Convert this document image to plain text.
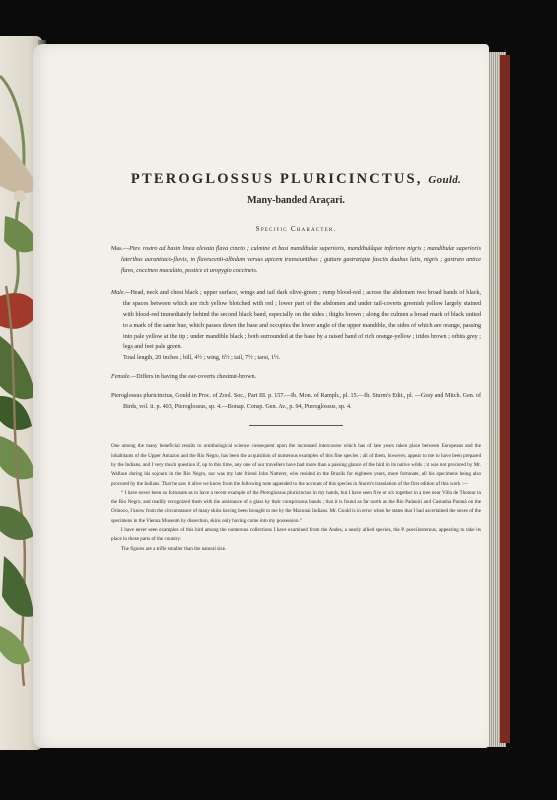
PTEROGLOSSUS PLURICINCTUS, Gould.
Many-banded Araçari.
Specific Character.

Mas.—Ptev. rostro ad basin linea elevata flava cincto ; culmine et basi mandibulæ superioris, mandibulâque inferiore nigris ; mandibulæ superioris lateribus aurantiaco-flavis, in flavescenti-albidum versus apicem transeuntibus ; gutture gastræique fasciis duabus latis, nigris ; gastræo antice flavo, coccineo maculato, postice et uropygio coccineis.

Male.—Head, neck and chest black ; upper surface, wings and tail dark olive-green ; rump blood-red ; across the abdomen two broad bands of black, the spaces between which are rich yellow blotched with red ; lower part of the abdomen and under tail-coverts greenish yellow largely stained with blood-red immediately behind the second black band, especially on the sides ; thighs brown ; along the culmen a broad mark of black united to a mark of the same hue, which passes down the base and occupies the lower angle of the upper mandible, the sides of which are orange, passing into pale yellow at the tip ; under mandible black ; both surrounded at the base by a raised band of rich orange-yellow ; irides brown ; orbits grey ; legs and feet pale green.

Total length, 20 inches ; bill, 4½ ; wing, 6½ ; tail, 7½ ; tarsi, 1½.

Female.—Differs in having the ear-coverts chestnut-brown.

Pteroglossus pluricinctus, Gould in Proc. of Zool. Soc., Part III. p. 157.—Ib. Mon. of Ramph., pl. 15.—Ib. Sturm's Edit., pl. —Gray and Mitch. Gen. of Birds, vol. ii. p. 403, Pteroglossus, sp. 4.—Bonap. Consp. Gen. Av., p. 94, Pteroglossus, sp. 4.

One among the many beneficial results to ornithological science consequent upon the increased intercourse which has of late years taken place between Europeans and the inhabitants of the Upper Amazon and the Rio Negro, has been the acquisition of numerous examples of this fine species ; all of them, however, appear to me to have been prepared by the Indians, and I very much question if, up to this time, any one of our travellers have had more than a passing glance of the bird in its native wilds ; it was not procured by Mr. Wallace during his sojourn in the Rio Negro, nor was my late friend John Natterer, who resided in the Brazils for eighteen years, more fortunate, all his specimens being also procured by the Indians. That he saw it alive we know from the following note appended to the account of this species in Sturm's translation of the first edition of this work :—

“ I have never been so fortunate as to have a recent example of the Pteroglossus pluricinctus in my hands, but I have seen five or six together in a tree near Villa de Thomar in the Rio Negro, and readily recognized them with the assistance of a glass by their conspicuous bands ; that it is found as far north as the Rio Padauiri and Castanha Paranâ on the Orinoco, I know from the circumstance of many skins having been brought to me by the Macunai Indians. Mr. Gould is in error when he states that I had ascertained the sexes of the specimens in the Vienna Museum by dissection, skins only having come into my possession.”

I have never seen examples of this bird among the numerous collections I have examined from the Andes, a nearly allied species, the P. poecilosternus, appearing to take its place in those parts of the country.

The figures are a trifle smaller than the natural size.
